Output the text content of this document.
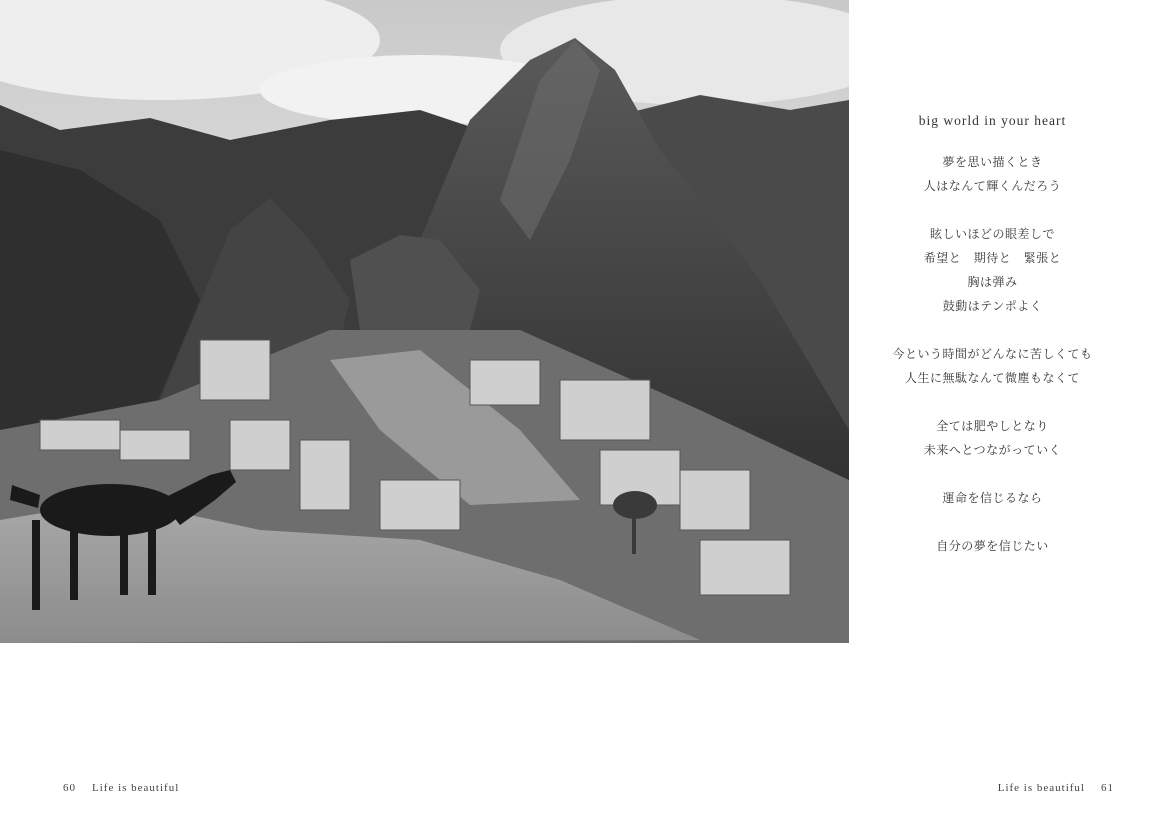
big world in your heart
夢を思い描くとき
人はなんて輝くんだろう
眩しいほどの眼差しで
希望と　期待と　緊張と
胸は弾み
鼓動はテンポよく
今という時間がどんなに苦しくても
人生に無駄なんて微塵もなくて
全ては肥やしとなり
未来へとつながっていく
運命を信じるなら
自分の夢を信じたい
60 Life is beautiful	Life is beautiful 61
